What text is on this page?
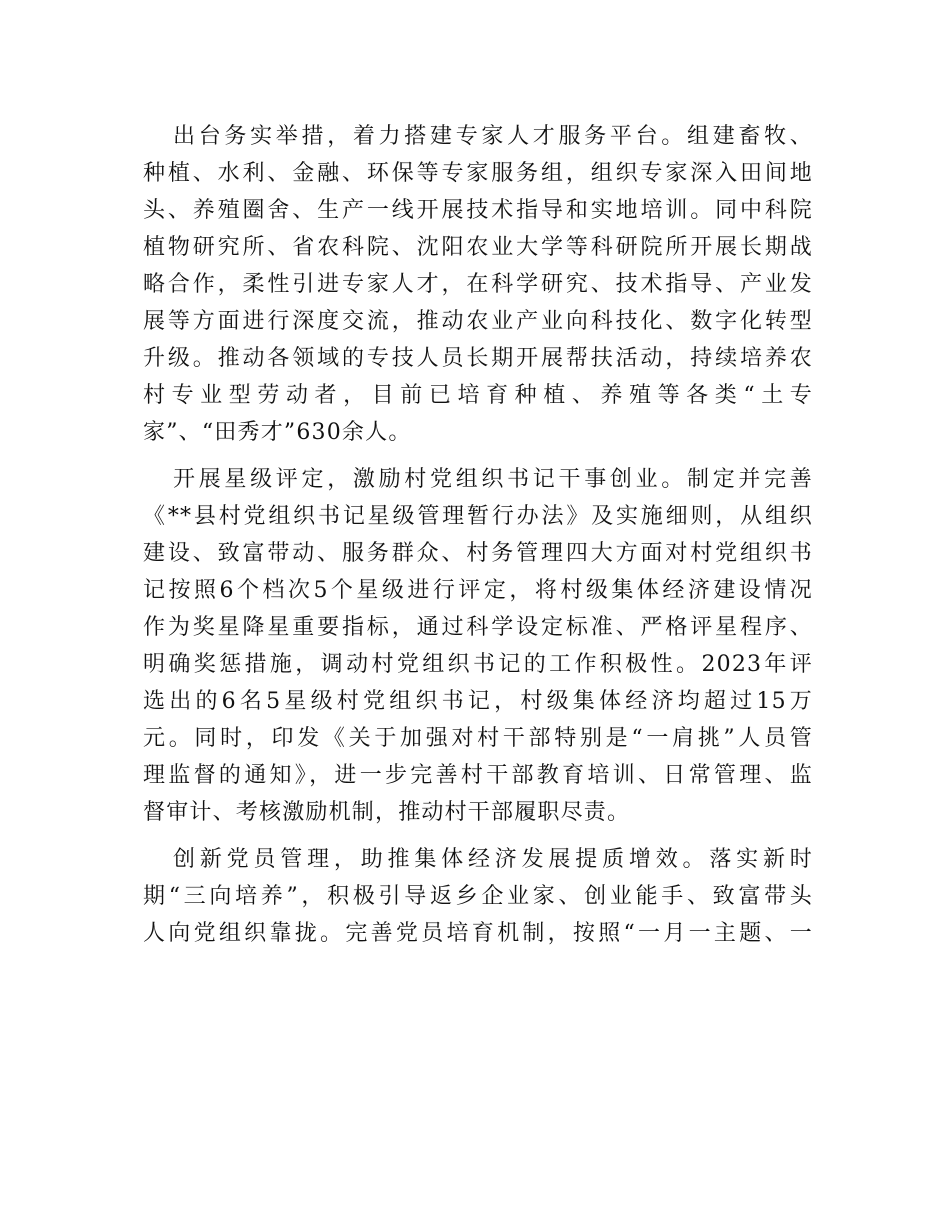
出台务实举措，着力搭建专家人才服务平台。组建畜牧、
种植、水利、金融、环保等专家服务组，组织专家深入田间地
头、养殖圈舍、生产一线开展技术指导和实地培训。同中科院
植物研究所、省农科院、沈阳农业大学等科研院所开展长期战
略合作，柔性引进专家人才，在科学研究、技术指导、产业发
展等方面进行深度交流，推动农业产业向科技化、数字化转型
升级。推动各领域的专技人员长期开展帮扶活动，持续培养农
村专业型劳动者，目前已培育种植、养殖等各类“土专
家”、“田秀才”630余人。

开展星级评定，激励村党组织书记干事创业。制定并完善
《**县村党组织书记星级管理暂行办法》及实施细则，从组织
建设、致富带动、服务群众、村务管理四大方面对村党组织书
记按照6个档次5个星级进行评定，将村级集体经济建设情况
作为奖星降星重要指标，通过科学设定标准、严格评星程序、
明确奖惩措施，调动村党组织书记的工作积极性。2023年评
选出的6名5星级村党组织书记，村级集体经济均超过15万
元。同时，印发《关于加强对村干部特别是“一肩挑”人员管
理监督的通知》，进一步完善村干部教育培训、日常管理、监
督审计、考核激励机制，推动村干部履职尽责。

创新党员管理，助推集体经济发展提质增效。落实新时
期“三向培养”，积极引导返乡企业家、创业能手、致富带头
人向党组织靠拢。完善党员培育机制，按照“一月一主题、一
